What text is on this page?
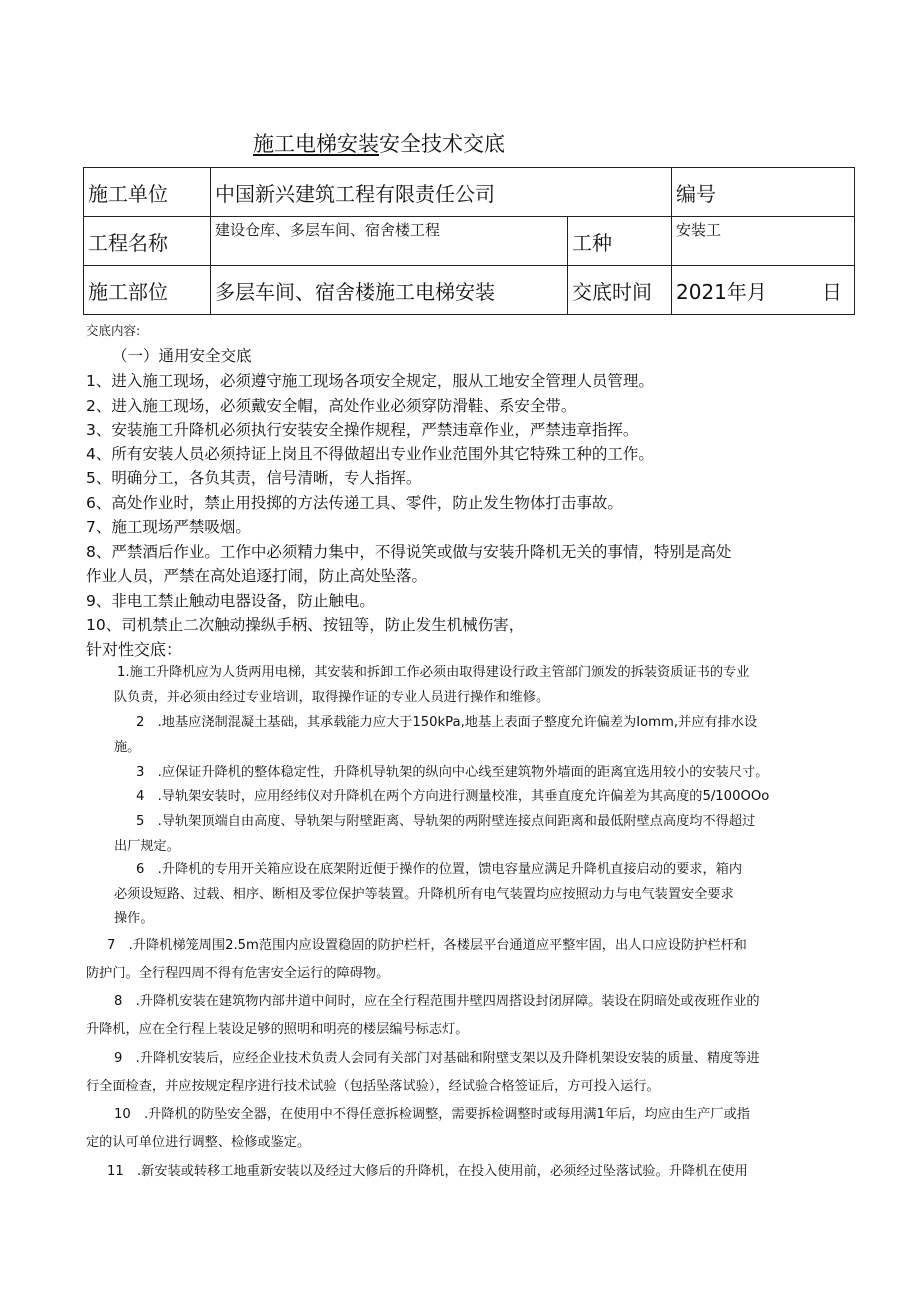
施工电梯安装安全技术交底
施工单位	中国新兴建筑工程有限责任公司		编号	
工程名称	建设仓库、多层车间、宿舍楼工程	工种	安装工	
施工部位	多层车间、宿舍楼施工电梯安装	交底时间	2021年月	日
交底内容:
（一）通用安全交底
1、进入施工现场，必须遵守施工现场各项安全规定，服从工地安全管理人员管理。
2、进入施工现场，必须戴安全帽，高处作业必须穿防滑鞋、系安全带。
3、安装施工升降机必须执行安装安全操作规程，严禁违章作业，严禁违章指挥。
4、所有安装人员必须持证上岗且不得做超出专业作业范围外其它特殊工种的工作。
5、明确分工，各负其责，信号清晰，专人指挥。
6、高处作业时，禁止用投掷的方法传递工具、零件，防止发生物体打击事故。
7、施工现场严禁吸烟。
8、严禁酒后作业。工作中必须精力集中，不得说笑或做与安装升降机无关的事情，特别是高处
作业人员，严禁在高处追逐打闹，防止高处坠落。
9、非电工禁止触动电器设备，防止触电。
10、司机禁止二次触动操纵手柄、按钮等，防止发生机械伤害，
针对性交底：
1.施工升降机应为人货两用电梯，其安装和拆卸工作必须由取得建设行政主管部门颁发的拆装资质证书的专业
队负责，并必须由经过专业培训，取得操作证的专业人员进行操作和维修。
2　.地基应浇制混凝土基础，其承载能力应大于150kPa,地基上表面子整度允许偏差为Iomm,并应有排水设
施。
3　.应保证升降机的整体稳定性，升降机导轨架的纵向中心线至建筑物外墙面的距离宜选用较小的安装尺寸。
4　.导轨架安装时，应用经纬仪对升降机在两个方向进行测量校准，其垂直度允许偏差为其高度的5/100OOo
5　.导轨架顶端自由高度、导轨架与附壁距离、导轨架的两附壁连接点间距离和最低附壁点高度均不得超过
出厂规定。
6　.升降机的专用开关箱应设在底架附近便于操作的位置，馈电容量应满足升降机直接启动的要求，箱内
必须设短路、过载、相序、断相及零位保护等装置。升降机所有电气装置均应按照动力与电气装置安全要求
操作。
7　.升降机梯笼周围2.5m范围内应设置稳固的防护栏杆，各楼层平台通道应平整牢固，出人口应设防护栏杆和
防护门。全行程四周不得有危害安全运行的障碍物。
8　.升降机安装在建筑物内部井道中间时，应在全行程范围井壁四周搭设封闭屏障。装设在阴暗处或夜班作业的
升降机，应在全行程上装设足够的照明和明亮的楼层编号标志灯。
9　.升降机安装后，应经企业技术负责人会同有关部门对基础和附壁支架以及升降机架设安装的质量、精度等进
行全面检查，并应按规定程序进行技术试验（包括坠落试验），经试验合格签证后，方可投入运行。
10　.升降机的防坠安全器，在使用中不得任意拆检调整，需要拆检调整时或每用满1年后，均应由生产厂或指
定的认可单位进行调整、检修或鉴定。
11　.新安装或转移工地重新安装以及经过大修后的升降机，在投入使用前，必须经过坠落试验。升降机在使用
